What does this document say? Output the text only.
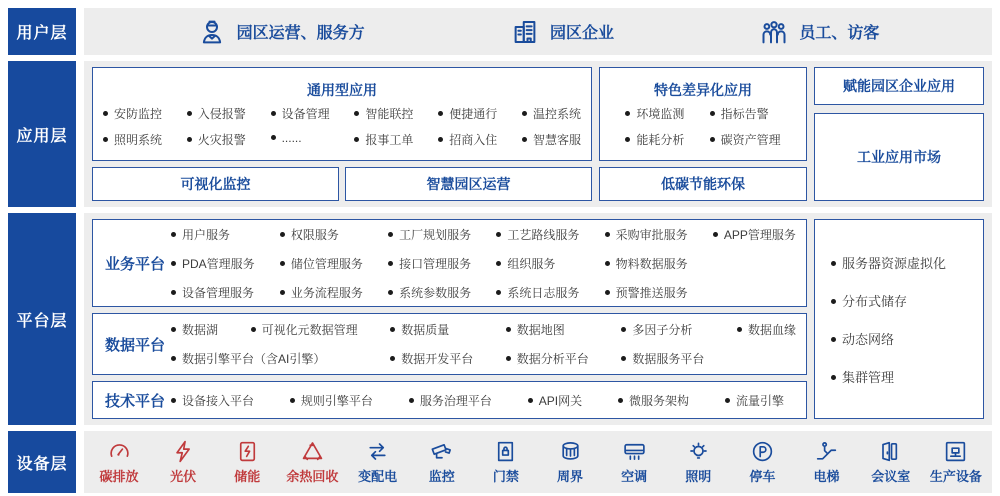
用户层	园区运营、服务方	园区企业	员工、访客
应用层
通用型应用
安防监控	入侵报警	设备管理	智能联控	便捷通行	温控系统
照明系统	火灾报警	......	报事工单	招商入住	智慧客服
可视化监控	智慧园区运营
特色差异化应用
环境监测	指标告警
能耗分析	碳资产管理
低碳节能环保
赋能园区企业应用
工业应用市场
平台层
业务平台
用户服务	权限服务	工厂规划服务	工艺路线服务	采购审批服务	APP管理服务
PDA管理服务	储位管理服务	接口管理服务	组织服务	物料数据服务
设备管理服务	业务流程服务	系统参数服务	系统日志服务	预警推送服务
数据平台
数据湖	可视化元数据管理	数据质量	数据地图	多因子分析	数据血缘
数据引擎平台（含AI引擎）	数据开发平台	数据分析平台	数据服务平台
技术平台	设备接入平台	规则引擎平台	服务治理平台	API网关	微服务架构	流量引擎
服务器资源虚拟化
分布式储存
动态网络
集群管理
设备层
碳排放 光伏	储能 余热回收 变配电 监控	门禁	周界	空调	照明	停车	电梯 会议室 生产设备
